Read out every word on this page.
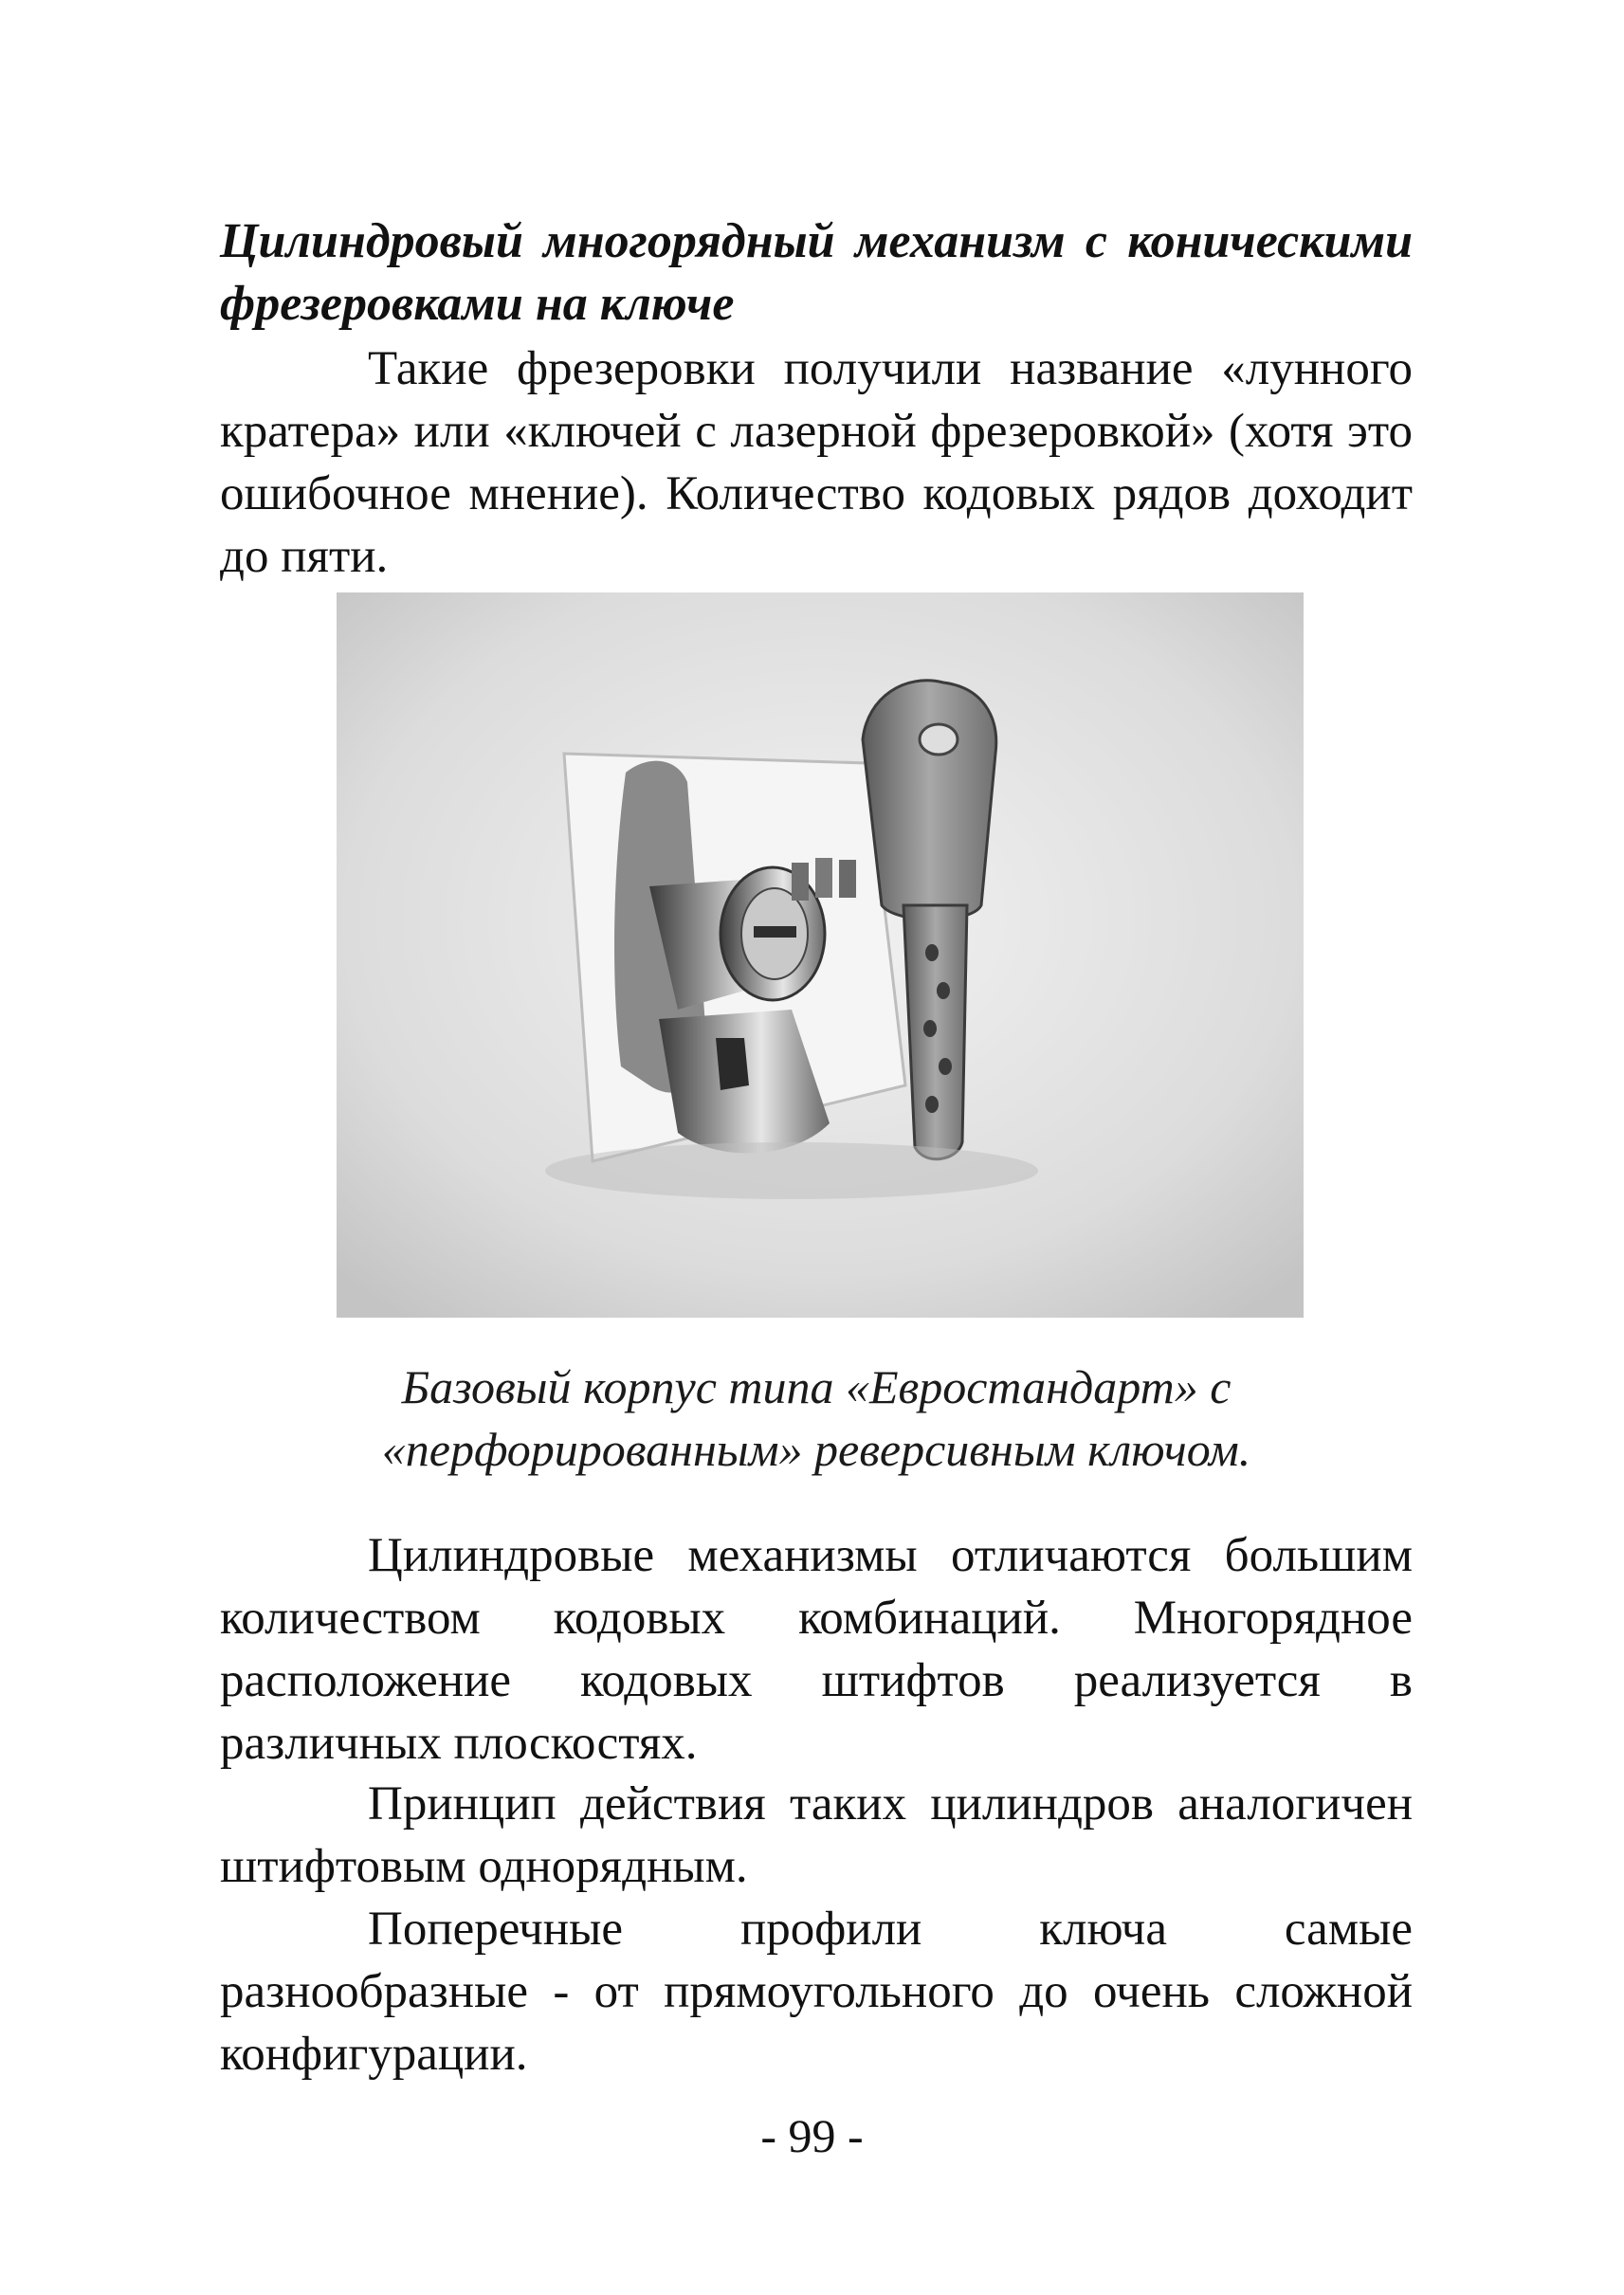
Цилиндровый многорядный механизм с коническими фрезеровками на ключе

Такие фрезеровки получили название «лунного кратера» или «ключей с лазерной фрезеровкой» (хотя это ошибочное мнение). Количество кодовых рядов доходит до пяти.

Базовый корпус типа «Евростандарт» с «перфорированным» реверсивным ключом.

Цилиндровые механизмы отличаются большим количеством кодовых комбинаций. Многорядное расположение кодовых штифтов реализуется в различных плоскостях.

Принцип действия таких цилиндров аналогичен штифтовым однорядным.

Поперечные профили ключа самые разнообразные - от прямоугольного до очень сложной конфигурации.

- 99 -
